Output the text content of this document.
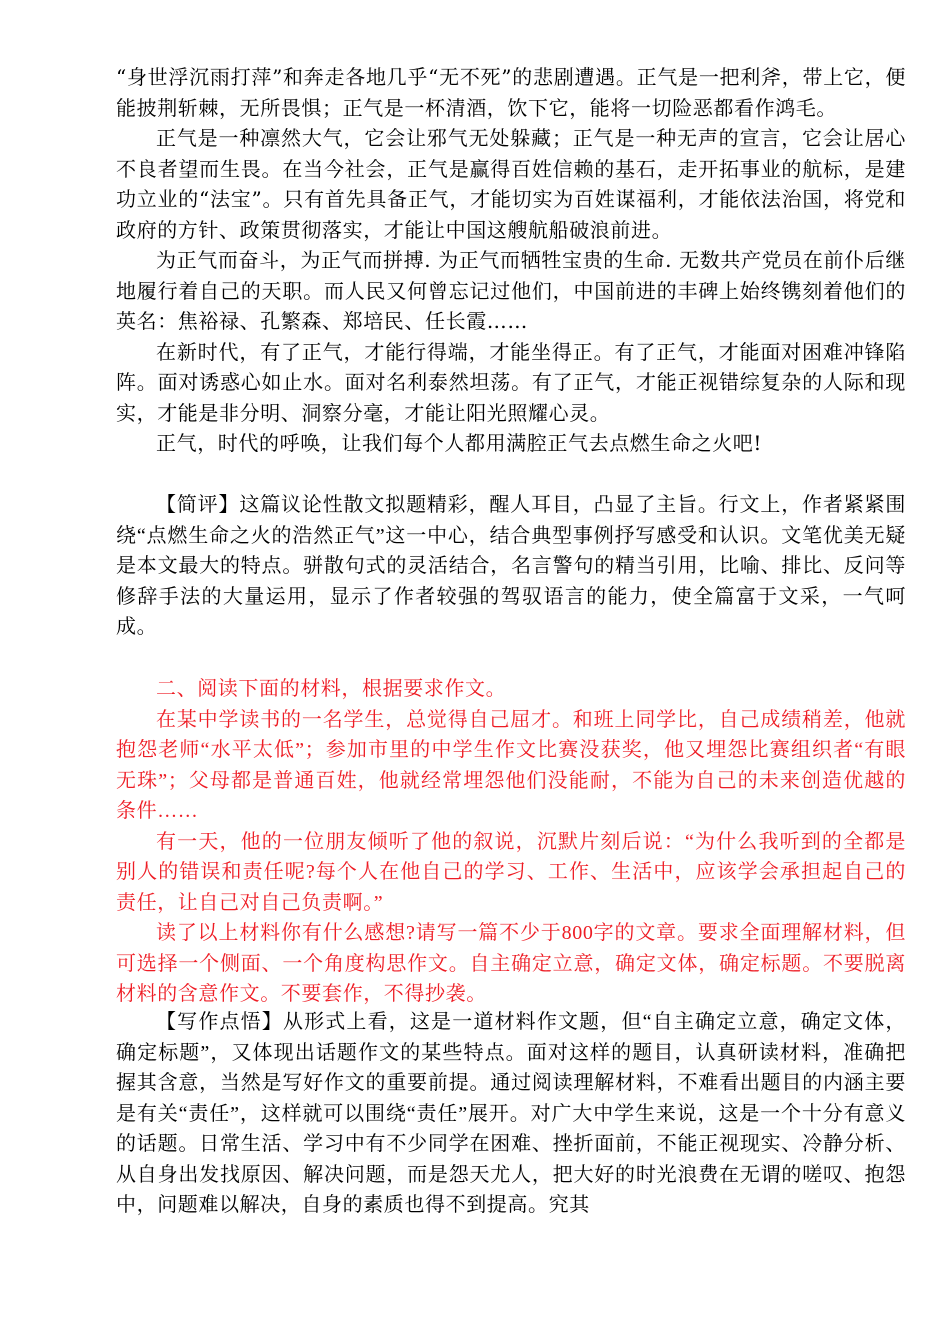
“身世浮沉雨打萍”和奔走各地几乎“无不死”的悲剧遭遇。正气是一把利斧，带上它，便能披荆斩棘，无所畏惧；正气是一杯清酒，饮下它，能将一切险恶都看作鸿毛。

正气是一种凛然大气，它会让邪气无处躲藏；正气是一种无声的宣言，它会让居心不良者望而生畏。在当今社会，正气是赢得百姓信赖的基石，走开拓事业的航标，是建功立业的“法宝”。只有首先具备正气，才能切实为百姓谋福利，才能依法治国，将党和政府的方针、政策贯彻落实，才能让中国这艘航船破浪前进。

为正气而奋斗，为正气而拼搏. 为正气而牺牲宝贵的生命. 无数共产党员在前仆后继地履行着自己的天职。而人民又何曾忘记过他们，中国前进的丰碑上始终镌刻着他们的英名：焦裕禄、孔繁森、郑培民、任长霞……

在新时代，有了正气，才能行得端，才能坐得正。有了正气，才能面对困难冲锋陷阵。面对诱惑心如止水。面对名利泰然坦荡。有了正气，才能正视错综复杂的人际和现实，才能是非分明、洞察分毫，才能让阳光照耀心灵。

正气，时代的呼唤，让我们每个人都用满腔正气去点燃生命之火吧!

【简评】这篇议论性散文拟题精彩，醒人耳目，凸显了主旨。行文上，作者紧紧围绕“点燃生命之火的浩然正气”这一中心，结合典型事例抒写感受和认识。文笔优美无疑是本文最大的特点。骈散句式的灵活结合，名言警句的精当引用，比喻、排比、反问等修辞手法的大量运用，显示了作者较强的驾驭语言的能力，使全篇富于文采，一气呵成。

二、阅读下面的材料，根据要求作文。

在某中学读书的一名学生，总觉得自己屈才。和班上同学比，自己成绩稍差，他就抱怨老师“水平太低”；参加市里的中学生作文比赛没获奖，他又埋怨比赛组织者“有眼无珠”；父母都是普通百姓，他就经常埋怨他们没能耐，不能为自己的未来创造优越的条件……

有一天，他的一位朋友倾听了他的叙说，沉默片刻后说：“为什么我听到的全都是别人的错误和责任呢?每个人在他自己的学习、工作、生活中，应该学会承担起自己的责任，让自己对自己负责啊。”

读了以上材料你有什么感想?请写一篇不少于800字的文章。要求全面理解材料，但可选择一个侧面、一个角度构思作文。自主确定立意，确定文体，确定标题。不要脱离材料的含意作文。不要套作，不得抄袭。

【写作点悟】从形式上看，这是一道材料作文题，但“自主确定立意，确定文体，确定标题”，又体现出话题作文的某些特点。面对这样的题目，认真研读材料，准确把握其含意，当然是写好作文的重要前提。通过阅读理解材料，不难看出题目的内涵主要是有关“责任”，这样就可以围绕“责任”展开。对广大中学生来说，这是一个十分有意义的话题。日常生活、学习中有不少同学在困难、挫折面前，不能正视现实、冷静分析、从自身出发找原因、解决问题，而是怨天尤人，把大好的时光浪费在无谓的嗟叹、抱怨中，问题难以解决，自身的素质也得不到提高。究其
